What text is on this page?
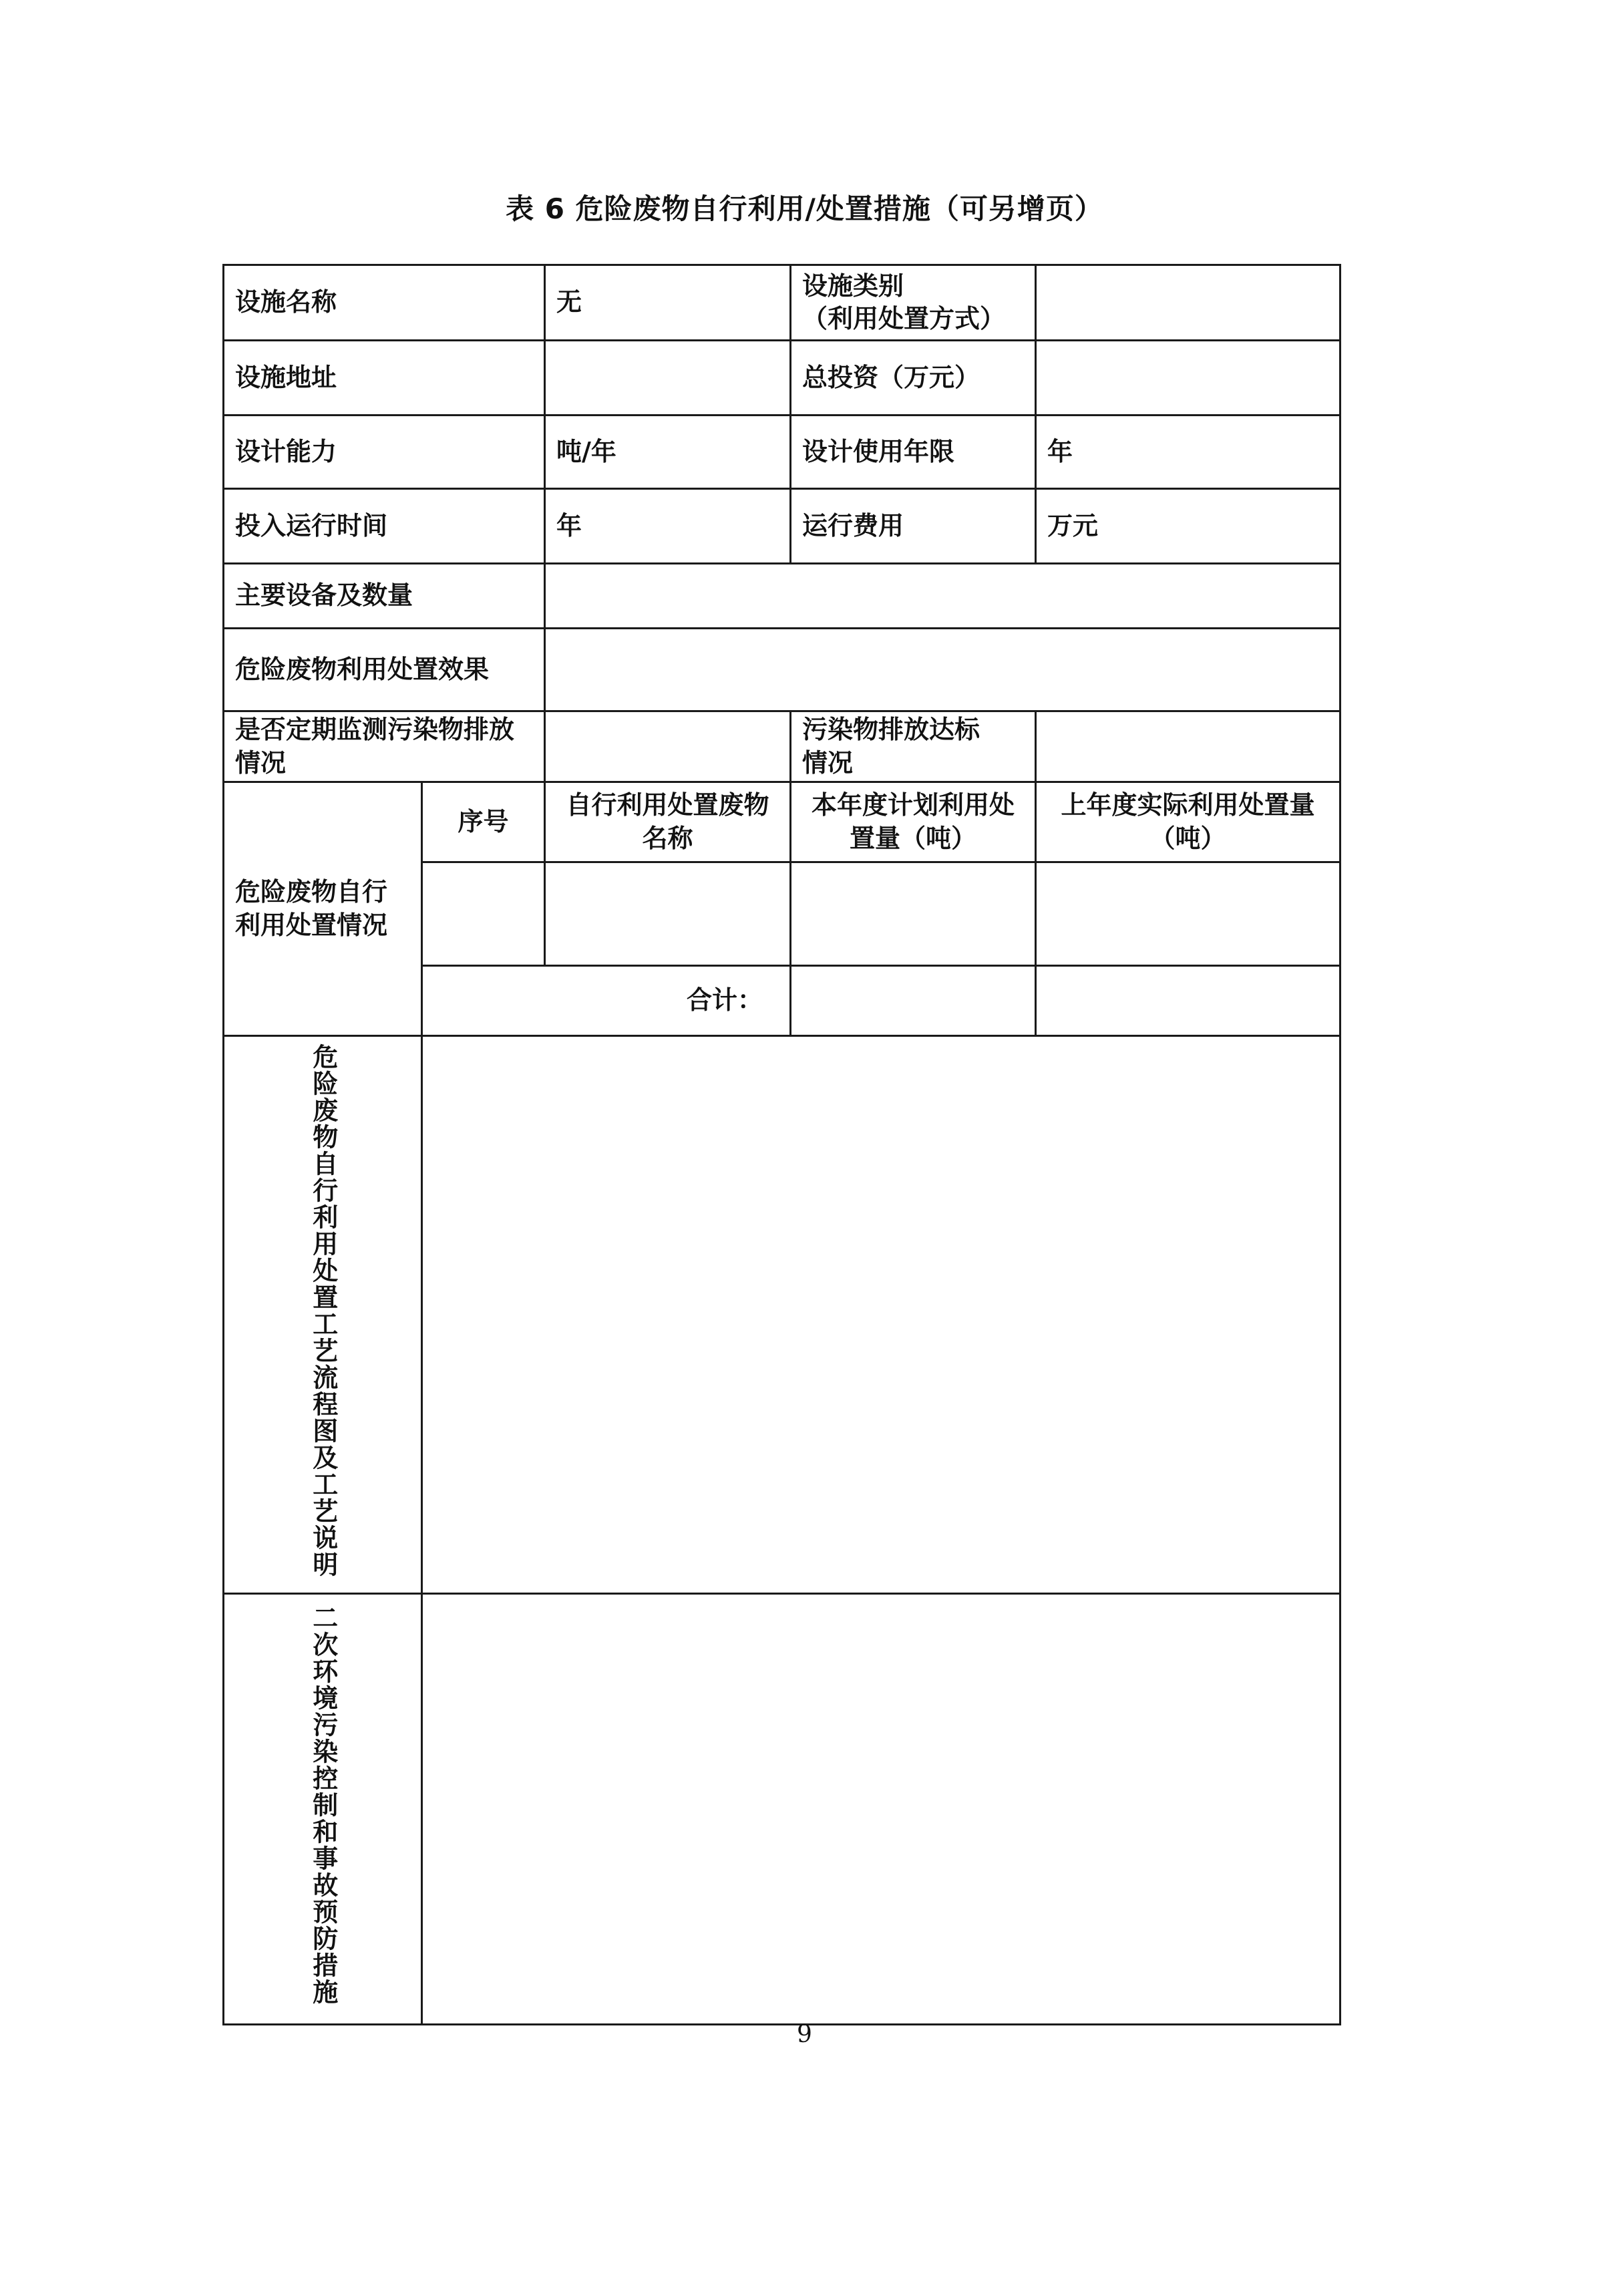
表 6 危险废物自行利用/处置措施（可另增页）
设施名称		无	设施类别
（利用处置方式）	
设施地址			总投资（万元）	
设计能力		吨/年	设计使用年限	年
投入运行时间		年	运行费用	万元
主要设备及数量				
危险废物利用处置效果				
是否定期监测污染物排放情况			污染物排放达标
情况	
危险废物自行利用处置情况	序号	自行利用处置废物名称	本年度计划利用处置量（吨）	上年度实际利用处置量（吨）

	合计：			
危险废物自行利用处置工艺流程图及工艺说明				
二次环境污染控制和事故预防措施				
9
